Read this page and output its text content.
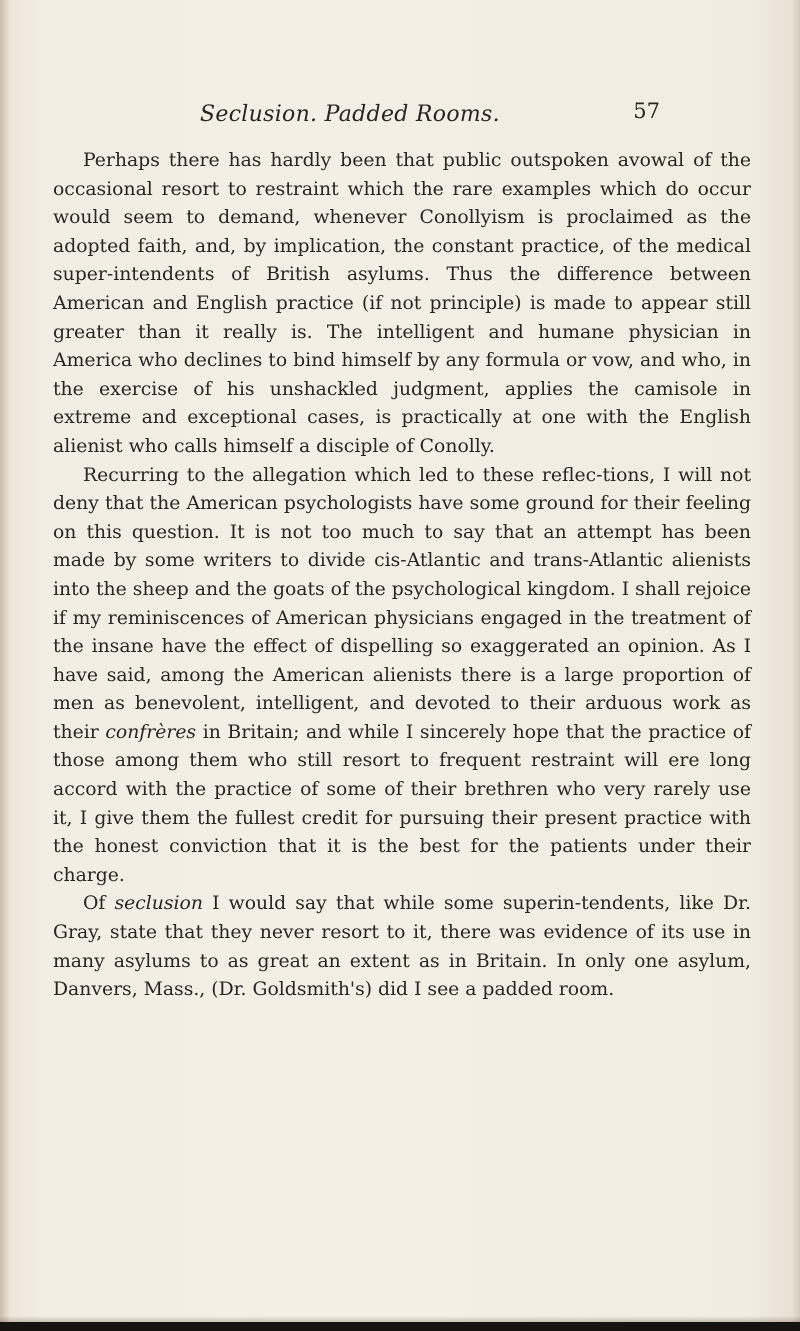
Seclusion. Padded Rooms.	57

Perhaps there has hardly been that public outspoken avowal of the occasional resort to restraint which the rare examples which do occur would seem to demand, whenever Conollyism is proclaimed as the adopted faith, and, by implication, the constant practice, of the medical super-intendents of British asylums. Thus the difference between American and English practice (if not principle) is made to appear still greater than it really is. The intelligent and humane physician in America who declines to bind himself by any formula or vow, and who, in the exercise of his unshackled judgment, applies the camisole in extreme and exceptional cases, is practically at one with the English alienist who calls himself a disciple of Conolly.

Recurring to the allegation which led to these reflec-tions, I will not deny that the American psychologists have some ground for their feeling on this question. It is not too much to say that an attempt has been made by some writers to divide cis-Atlantic and trans-Atlantic alienists into the sheep and the goats of the psychological kingdom. I shall rejoice if my reminiscences of American physicians engaged in the treatment of the insane have the effect of dispelling so exaggerated an opinion. As I have said, among the American alienists there is a large proportion of men as benevolent, intelligent, and devoted to their arduous work as their confrères in Britain; and while I sincerely hope that the practice of those among them who still resort to frequent restraint will ere long accord with the practice of some of their brethren who very rarely use it, I give them the fullest credit for pursuing their present practice with the honest conviction that it is the best for the patients under their charge.

Of seclusion I would say that while some superin-tendents, like Dr. Gray, state that they never resort to it, there was evidence of its use in many asylums to as great an extent as in Britain. In only one asylum, Danvers, Mass., (Dr. Goldsmith's) did I see a padded room.
